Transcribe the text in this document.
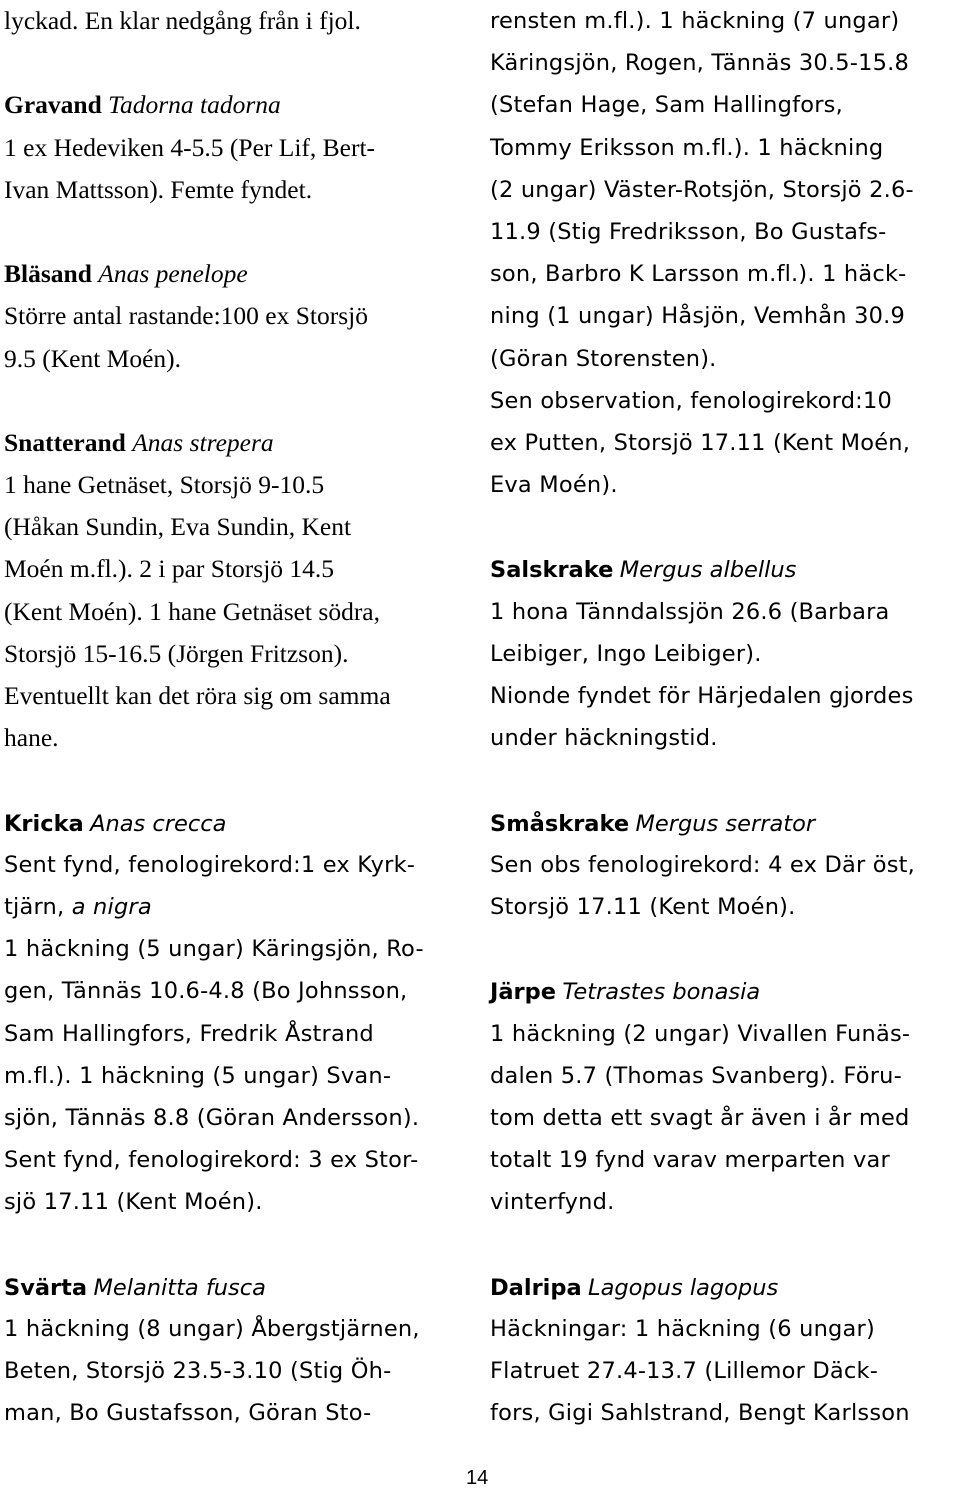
lyckad. En klar nedgång från i fjol.
Gravand Tadorna tadorna
1 ex Hedeviken 4-5.5 (Per Lif, Bert-
Ivan Mattsson). Femte fyndet.
Bläsand Anas penelope
Större antal rastande:100 ex Storsjö
9.5 (Kent Moén).
Snatterand Anas strepera
1 hane Getnäset, Storsjö 9-10.5
(Håkan Sundin, Eva Sundin, Kent
Moén m.fl.). 2 i par Storsjö 14.5
(Kent Moén). 1 hane Getnäset södra,
Storsjö 15-16.5 (Jörgen Fritzson).
Eventuellt kan det röra sig om samma
hane.
Kricka Anas crecca
Sent fynd, fenologirekord:1 ex Kyrk-
tjärn, a nigra
1 häckning (5 ungar) Käringsjön, Ro-
gen, Tännäs 10.6-4.8 (Bo Johnsson,
Sam Hallingfors, Fredrik Åstrand
m.fl.). 1 häckning (5 ungar) Svan-
sjön, Tännäs 8.8 (Göran Andersson).
Sent fynd, fenologirekord: 3 ex Stor-
sjö 17.11 (Kent Moén).
Svärta Melanitta fusca
1 häckning (8 ungar) Åbergstjärnen,
Beten, Storsjö 23.5-3.10 (Stig Öh-
man, Bo Gustafsson, Göran Sto-
rensten m.fl.). 1 häckning (7 ungar)
Käringsjön, Rogen, Tännäs 30.5-15.8
(Stefan Hage, Sam Hallingfors,
Tommy Eriksson m.fl.). 1 häckning
(2 ungar) Väster-Rotsjön, Storsjö 2.6-
11.9 (Stig Fredriksson, Bo Gustafs-
son, Barbro K Larsson m.fl.). 1 häck-
ning (1 ungar) Håsjön, Vemhån 30.9
(Göran Storensten).
Sen observation, fenologirekord:10
ex Putten, Storsjö 17.11 (Kent Moén,
Eva Moén).
Salskrake Mergus albellus
1 hona Tänndalssjön 26.6 (Barbara
Leibiger, Ingo Leibiger).
Nionde fyndet för Härjedalen gjordes
under häckningstid.
Småskrake Mergus serrator
Sen obs fenologirekord: 4 ex Där öst,
Storsjö 17.11 (Kent Moén).
Järpe Tetrastes bonasia
1 häckning (2 ungar) Vivallen Funäs-
dalen 5.7 (Thomas Svanberg). Föru-
tom detta ett svagt år även i år med
totalt 19 fynd varav merparten var
vinterfynd.
Dalripa Lagopus lagopus
Häckningar: 1 häckning (6 ungar)
Flatruet 27.4-13.7 (Lillemor Däck-
fors, Gigi Sahlstrand, Bengt Karlsson
14
